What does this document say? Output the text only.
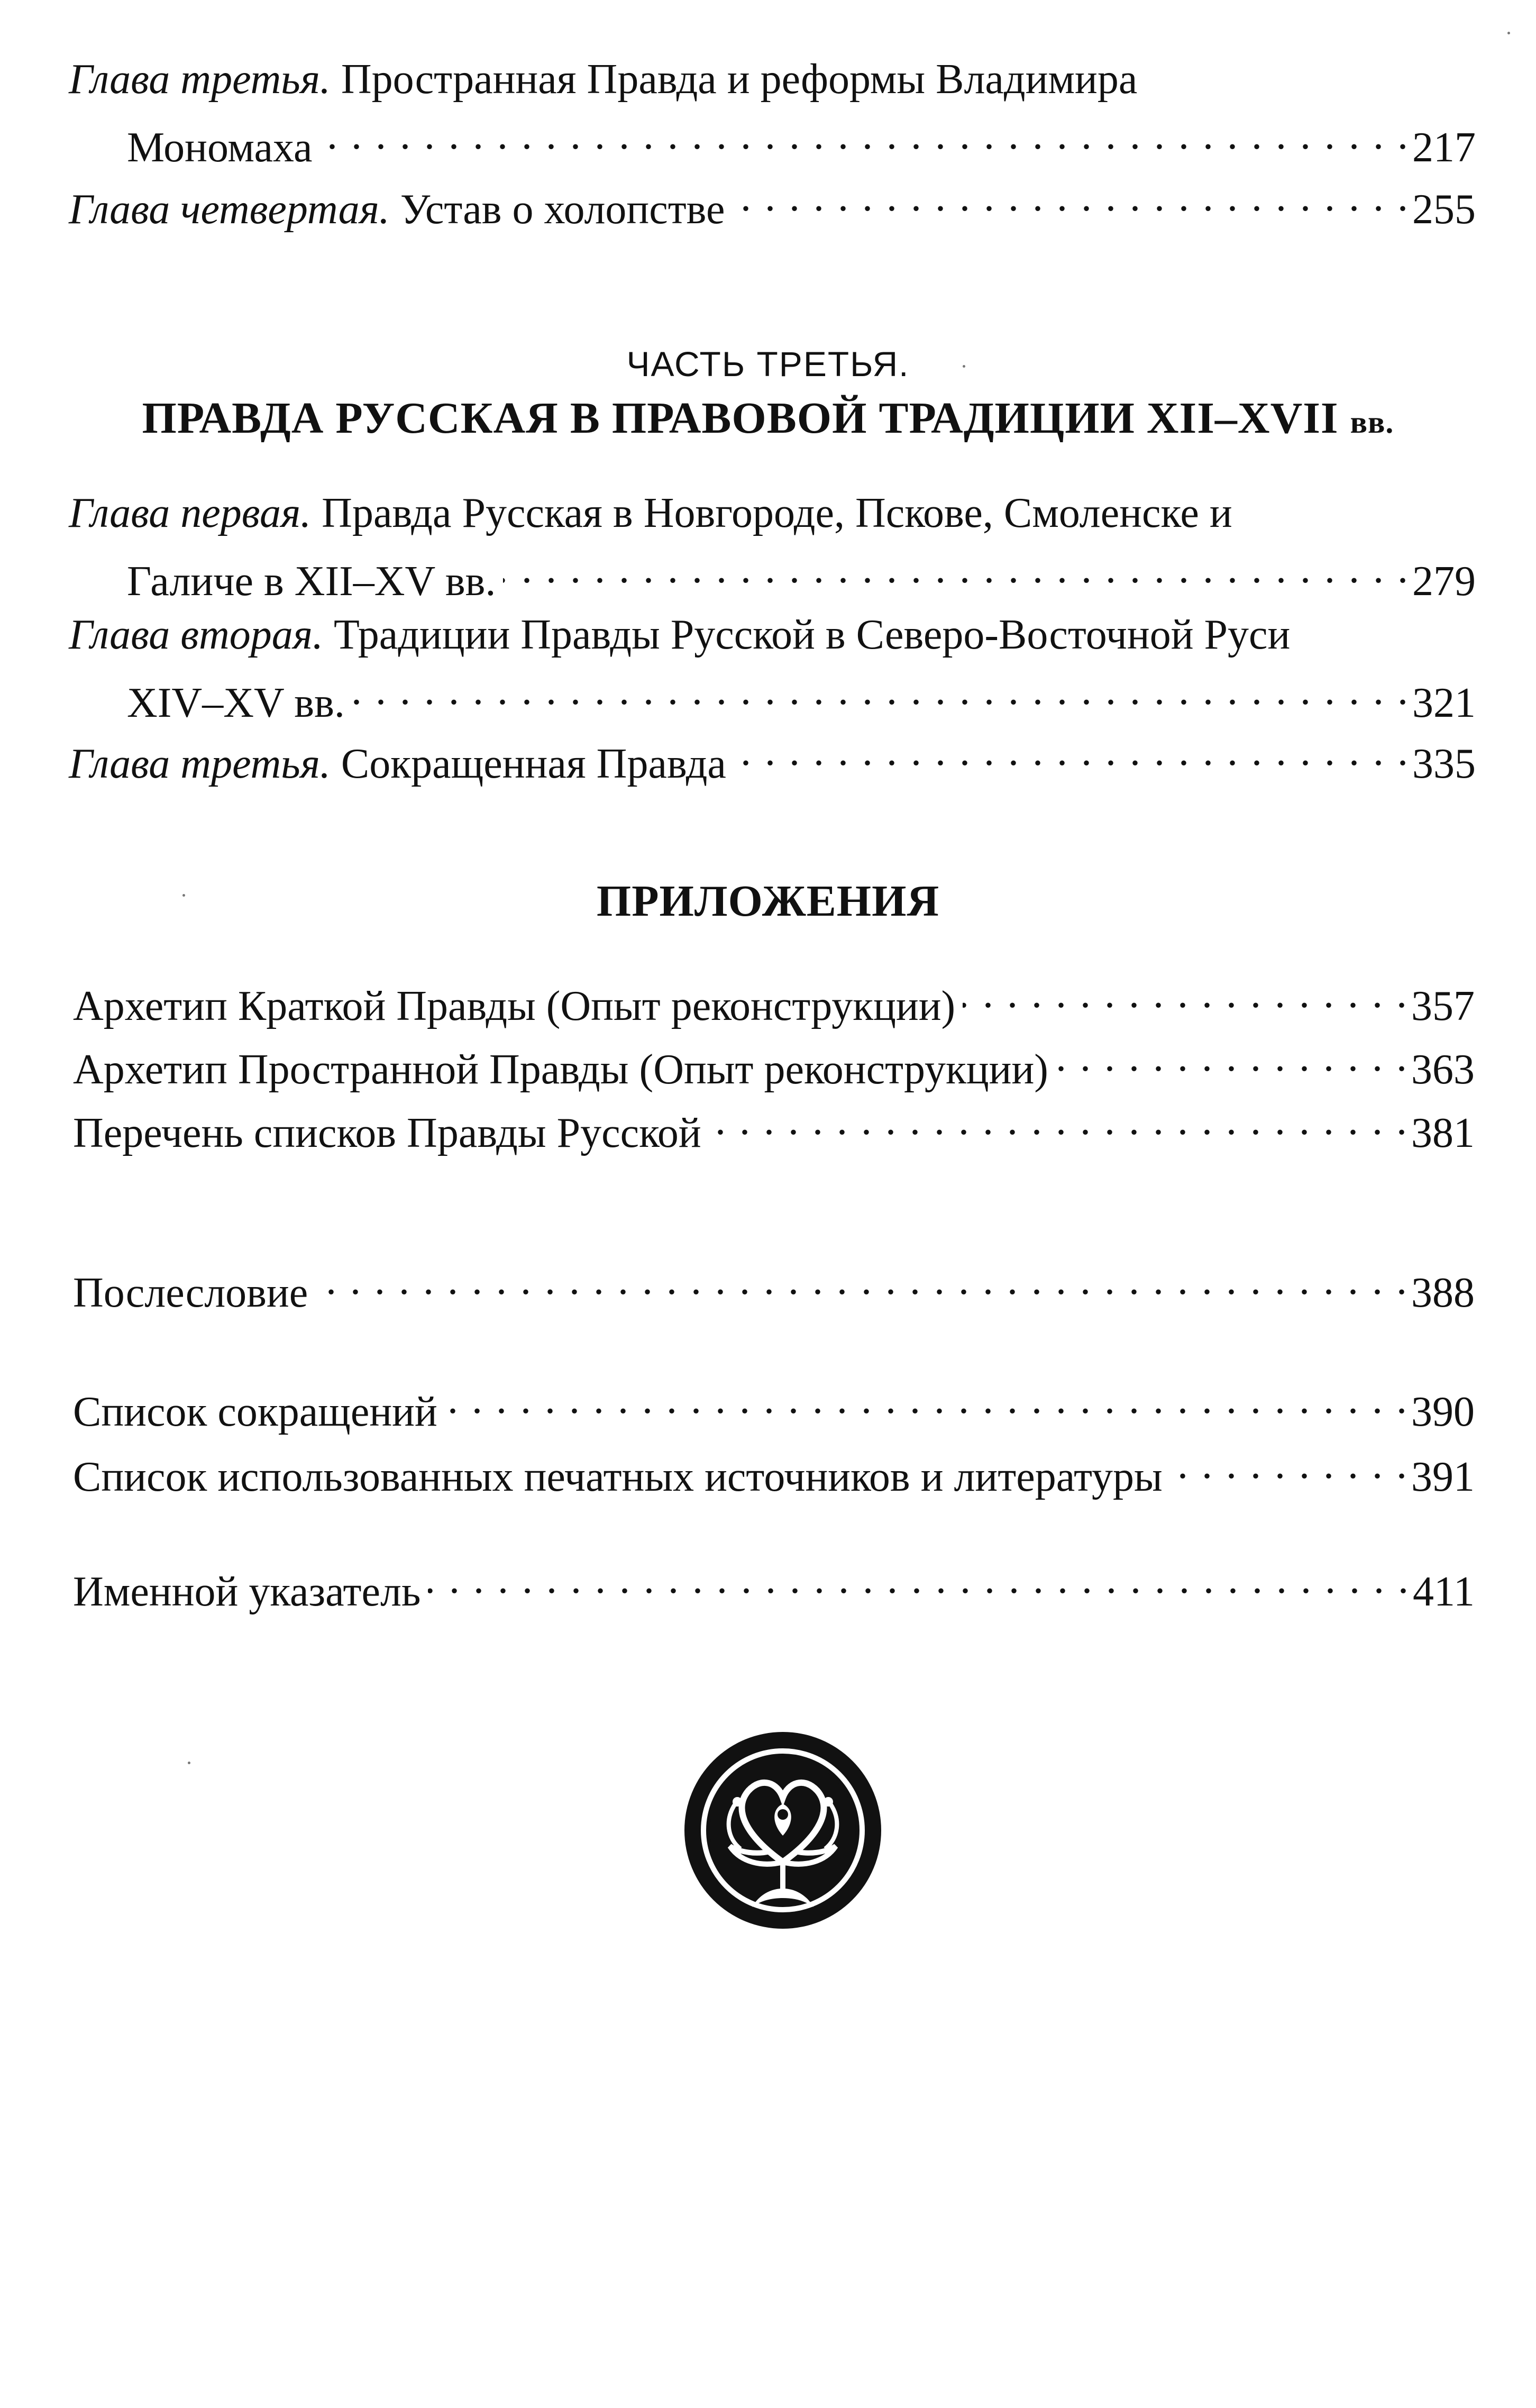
Глава третья. Пространная Правда и реформы Владимира
Мономаха . . .	217
Глава четвертая. Устав о холопстве . . .	255
ЧАСТЬ ТРЕТЬЯ.
ПРАВДА РУССКАЯ В ПРАВОВОЙ ТРАДИЦИИ XII–XVII вв.
Глава первая. Правда Русская в Новгороде, Пскове, Смоленске и
Галиче в XII–XV вв. . . .	279
Глава вторая. Традиции Правды Русской в Северо-Восточной Руси
XIV–XV вв. . . .	321
Глава третья. Сокращенная Правда . . .	335
ПРИЛОЖЕНИЯ
Архетип Краткой Правды (Опыт реконструкции) . . .	357
Архетип Пространной Правды (Опыт реконструкции) . . .	363
Перечень списков Правды Русской . . .	381
Послесловие . . .	388
Список сокращений . . .	390
Список использованных печатных источников и литературы . . .	391
Именной указатель . . .	411
